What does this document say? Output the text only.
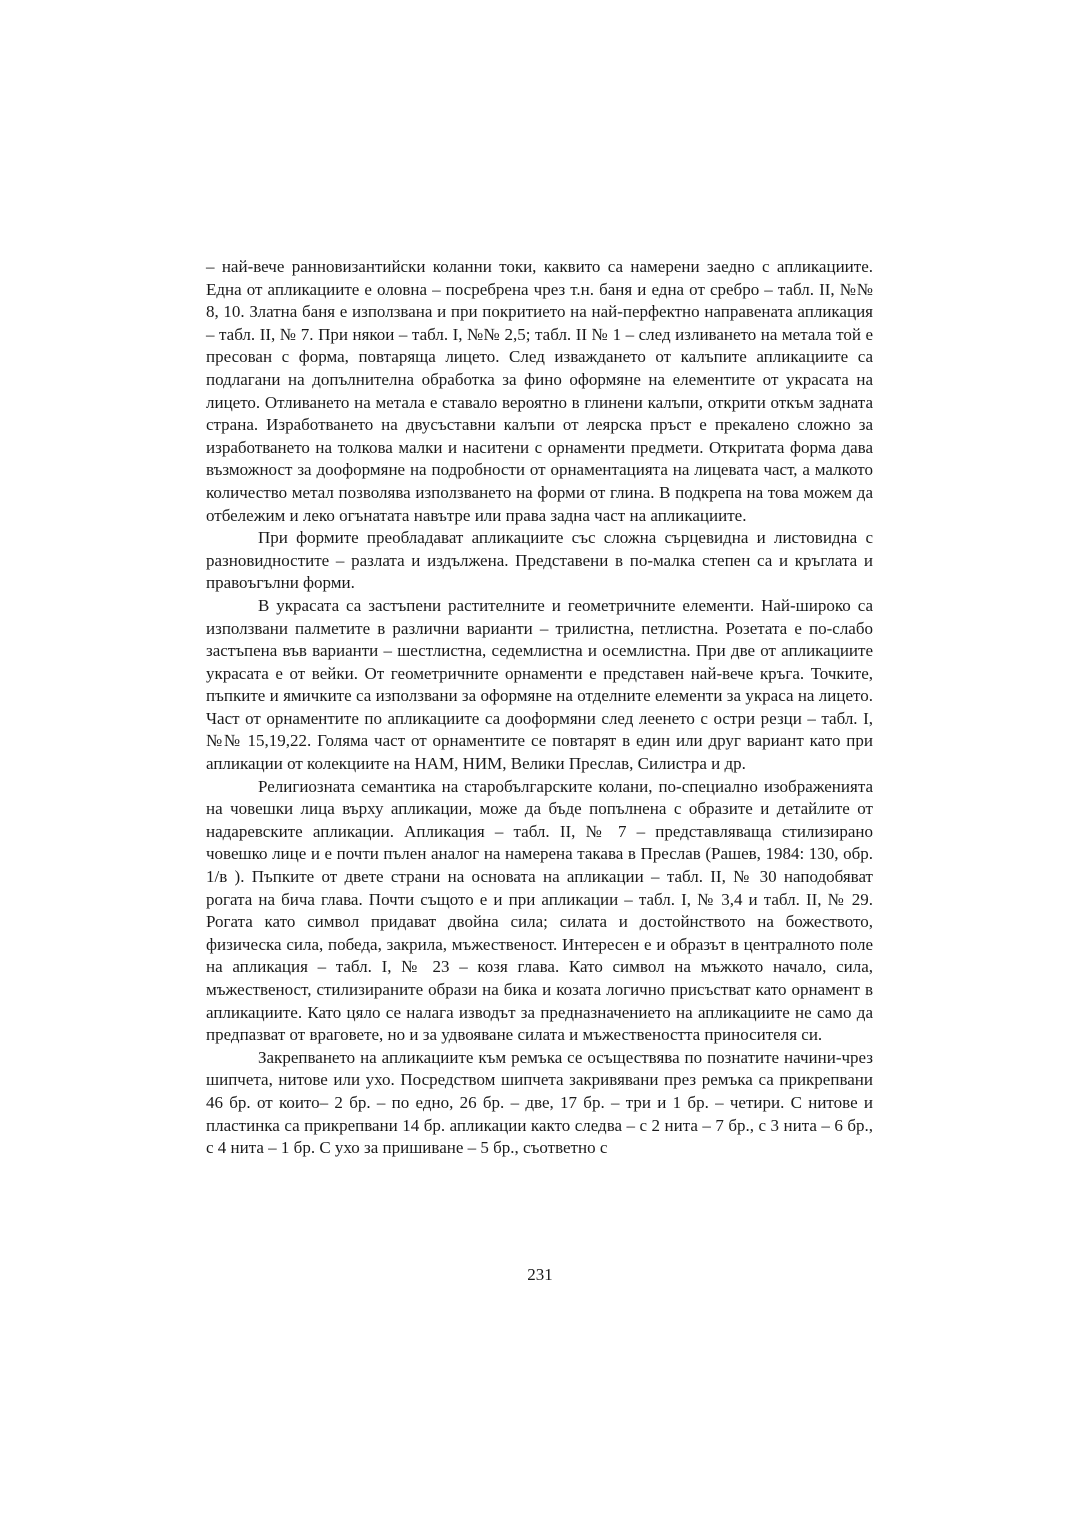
– най-вече ранновизантийски коланни токи, каквито са намерени заедно с апликациите. Една от апликациите е оловна – посребрена чрез т.н. баня и една от сребро – табл. II, №№ 8, 10. Златна баня е използвана и при покритието на най-перфектно направената апликация – табл. II, № 7. При някои – табл. I, №№ 2,5; табл. II № 1 – след изливането на метала той е пресован с форма, повтаряща лицето. След изваждането от калъпите апликациите са подлагани на допълнителна обработка за фино оформяне на елементите от украсата на лицето. Отливането на метала е ставало вероятно в глинени калъпи, открити откъм задната страна. Изработването на двусъставни калъпи от леярска пръст е прекалено сложно за изработването на толкова малки и наситени с орнаменти предмети. Откритата форма дава възможност за дооформяне на подробности от орнаментацията на лицевата част, а малкото количество метал позволява използването на форми от глина. В подкрепа на това можем да отбележим и леко огънатата навътре или права задна част на апликациите.

При формите преобладават апликациите със сложна сърцевидна и листовидна с разновидностите – разлата и издължена. Представени в по-малка степен са и кръглата и правоъгълни форми.

В украсата са застъпени растителните и геометричните елементи. Най-широко са използвани палметите в различни варианти – трилистна, петлистна. Розетата е по-слабо застъпена във варианти – шестлистна, седемлистна и осемлистна. При две от апликациите украсата е от вейки. От геометричните орнаменти е представен най-вече кръга. Точките, пъпките и ямичките са използвани за оформяне на отделните елементи за украса на лицето. Част от орнаментите по апликациите са дооформяни след леенето с остри резци – табл. I, №№ 15,19,22. Голяма част от орнаментите се повтарят в един или друг вариант като при апликации от колекциите на НАМ, НИМ, Велики Преслав, Силистра и др.

Религиозната семантика на старобългарските колани, по-специално изображенията на човешки лица върху апликации, може да бъде попълнена с образите и детайлите от надаревските апликации. Апликация – табл. II, № 7 – представляваща стилизирано човешко лице и е почти пълен аналог на намерена такава в Преслав (Рашев, 1984: 130, обр. 1/в ). Пъпките от двете страни на основата на апликации – табл. II, № 30 наподобяват рогата на бича глава. Почти същото е и при апликации – табл. I, № 3,4 и табл. II, № 29. Рогата като символ придават двойна сила; силата и достойнството на божеството, физическа сила, победа, закрила, мъжественост. Интересен е и образът в централното поле на апликация – табл. I, № 23 – козя глава. Като символ на мъжкото начало, сила, мъжественост, стилизираните образи на бика и козата логично присъстват като орнамент в апликациите. Като цяло се налага изводът за предназначението на апликациите не само да предпазват от враговете, но и за удвояване силата и мъжествеността приносителя си.

Закрепването на апликациите към ремъка се осъществява по познатите начини-чрез шипчета, нитове или ухо. Посредством шипчета закривявани през ремъка са прикрепвани 46 бр. от които– 2 бр. – по едно, 26 бр. – две, 17 бр. – три и 1 бр. – четири. С нитове и пластинка са прикрепвани 14 бр. апликации както следва – с 2 нита – 7 бр., с 3 нита – 6 бр., с 4 нита – 1 бр. С ухо за пришиване – 5 бр., съответно с

231
